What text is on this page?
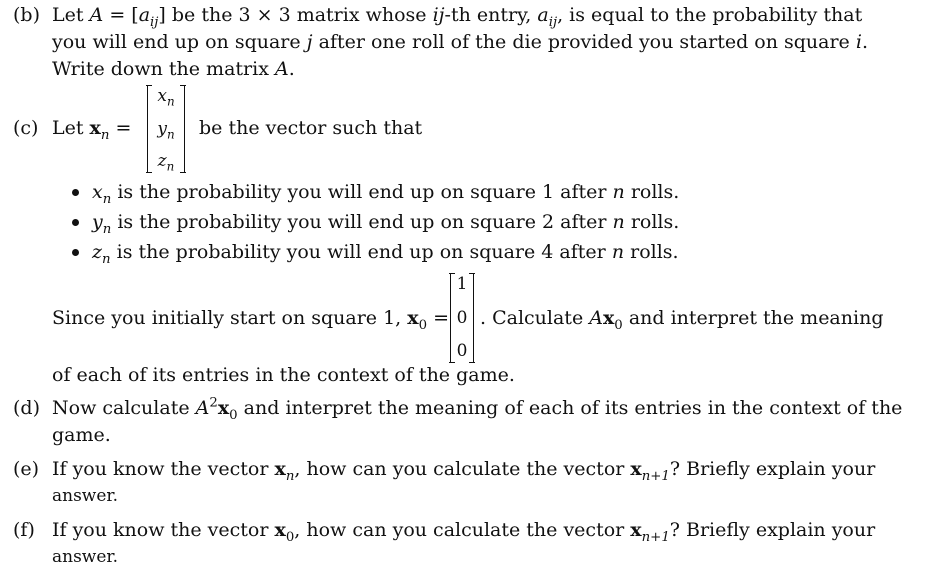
(b) Let $A = [a_{ij}]$ be the 3 × 3 matrix whose ij-th entry, $a_{ij}$, is equal to the probability that
you will end up on square j after one roll of the die provided you started on square i.
Write down the matrix A.
(c) Let $x_n$ =
$x_n$
$y_n$
$z_n$
be the vector such that
$x_n$ is the probability you will end up on square 1 after n rolls.
$y_n$ is the probability you will end up on square 2 after n rolls.
$z_n$ is the probability you will end up on square 4 after n rolls.
Since you initially start on square 1, $x_0$ =
1
0
0
. Calculate $Ax_0$ and interpret the meaning
of each of its entries in the context of the game.
(d) Now calculate $A^2x_0$ and interpret the meaning of each of its entries in the context of the
game.
(e) If you know the vector $x_n$, how can you calculate the vector $x_{n+1}$? Briefly explain your
answer.
(f) If you know the vector $x_0$, how can you calculate the vector $x_{n+1}$? Briefly explain your
answer.
